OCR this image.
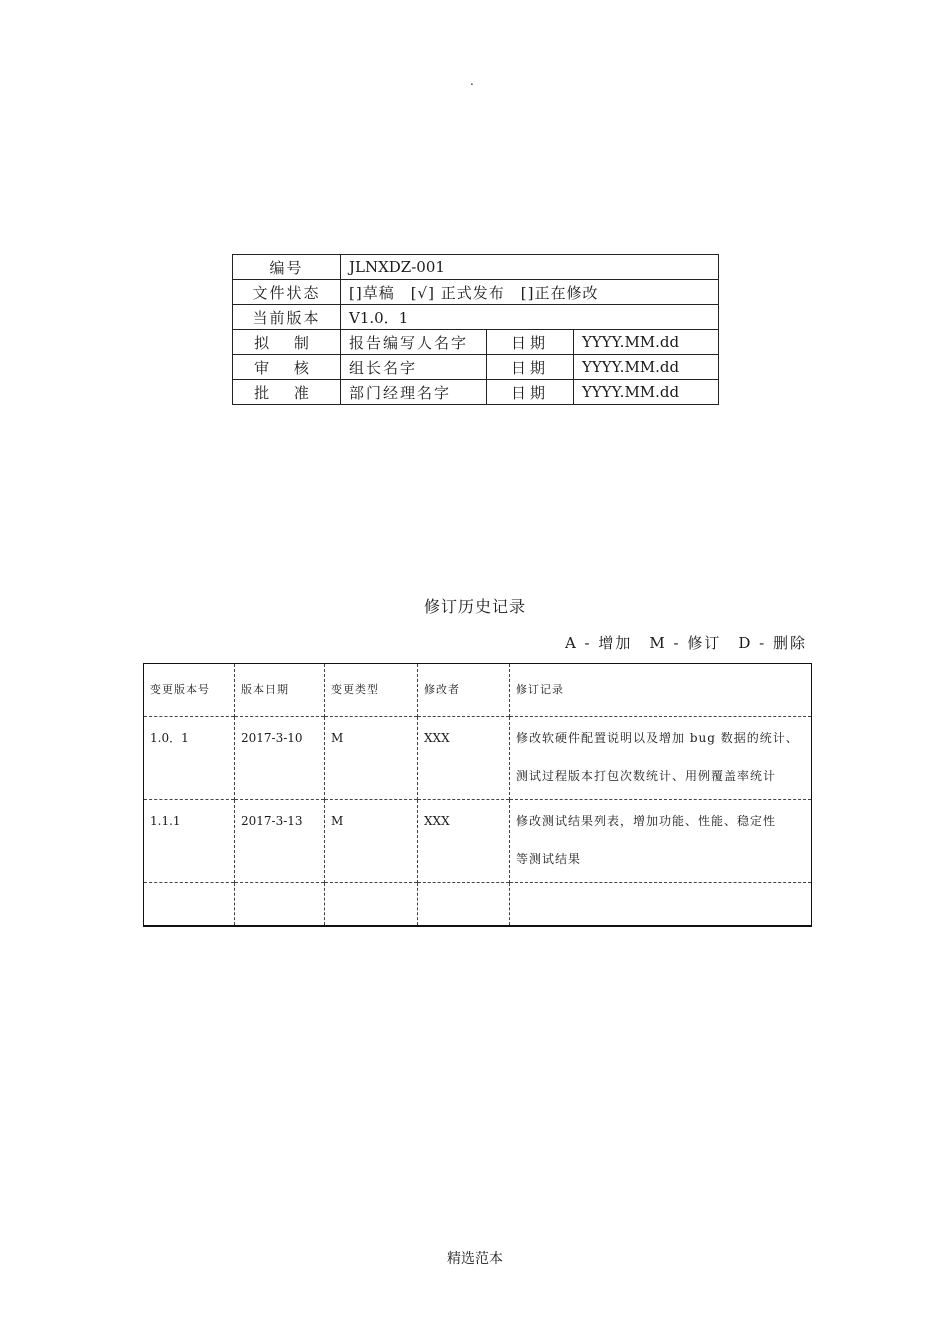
.
编号	JLNXDZ-001		
文件状态	[]草稿　[√] 正式发布　[]正在修改		
当前版本	V1.0．1		
拟 制	报告编写人名字	日期	YYYY.MM.dd
审 核	组长名字	日期	YYYY.MM.dd
批 准	部门经理名字	日期	YYYY.MM.dd
修订历史记录
A - 增加　M - 修订　D - 删除
变更版本号	版本日期	变更类型	修改者	修订记录
1.0．1	2017-3-10	M	XXX	修改软硬件配置说明以及增加 bug 数据的统计、
测试过程版本打包次数统计、用例覆盖率统计

1.1.1	2017-3-13	M	XXX	修改测试结果列表，增加功能、性能、稳定性
等测试结果

精选范本
